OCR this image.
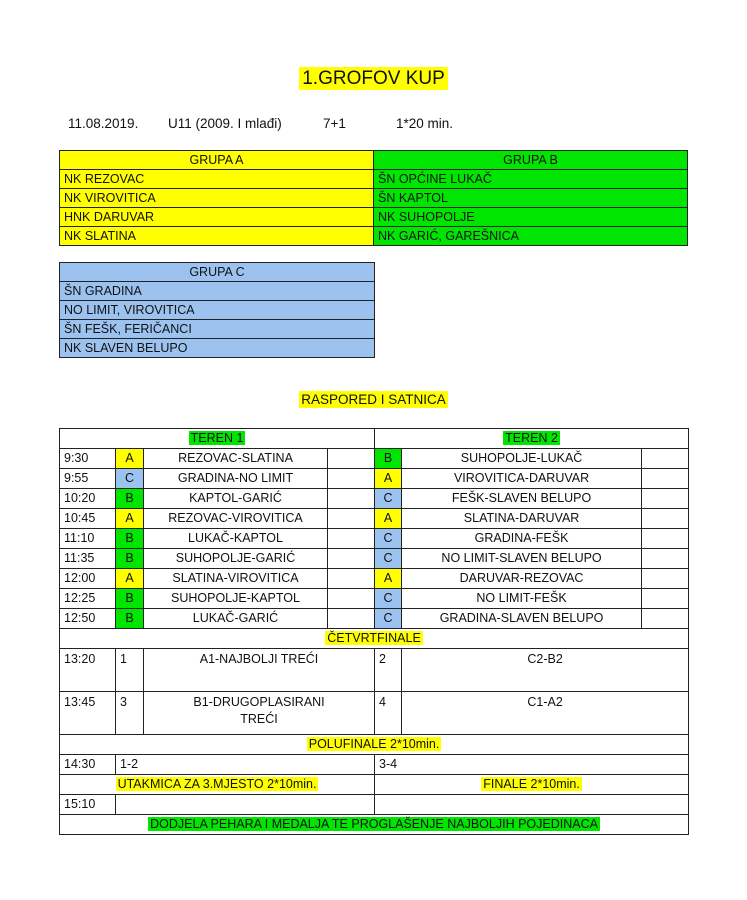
1.GROFOV KUP
11.08.2019. U11 (2009. I mlađi)	7+1	1*20 min.
GRUPA A	GRUPA B
NK REZOVAC	ŠN OPĆINE LUKAČ
NK VIROVITICA	ŠN KAPTOL
HNK DARUVAR	NK SUHOPOLJE
NK SLATINA	NK GARIĆ, GAREŠNICA
GRUPA C
ŠN GRADINA
NO LIMIT, VIROVITICA
ŠN FEŠK, FERIČANCI
NK SLAVEN BELUPO
RASPORED I SATNICA
TEREN 1				TEREN 2		
9:30	A	REZOVAC-SLATINA		B	SUHOPOLJE-LUKAČ	
9:55	C	GRADINA-NO LIMIT		A	VIROVITICA-DARUVAR	
10:20	B	KAPTOL-GARIĆ		C	FEŠK-SLAVEN BELUPO	
10:45	A	REZOVAC-VIROVITICA		A	SLATINA-DARUVAR	
11:10	B	LUKAČ-KAPTOL		C	GRADINA-FEŠK	
11:35	B	SUHOPOLJE-GARIĆ		C	NO LIMIT-SLAVEN BELUPO	
12:00	A	SLATINA-VIROVITICA		A	DARUVAR-REZOVAC	
12:25	B	SUHOPOLJE-KAPTOL		C	NO LIMIT-FEŠK	
12:50	B	LUKAČ-GARIĆ		C	GRADINA-SLAVEN BELUPO	
ČETVRTFINALE						
13:20	1	A1-NAJBOLJI TREĆI		2	C2-B2	
13:45	3	B1-DRUGOPLASIRANI
TREĆI		4	C1-A2	
POLUFINALE 2*10min.						
14:30	1-2			3-4		
UTAKMICA ZA 3.MJESTO 2*10min.				FINALE 2*10min.		
15:10						
DODJELA PEHARA I MEDALJA TE PROGLAŠENJE NAJBOLJIH POJEDINACA						
